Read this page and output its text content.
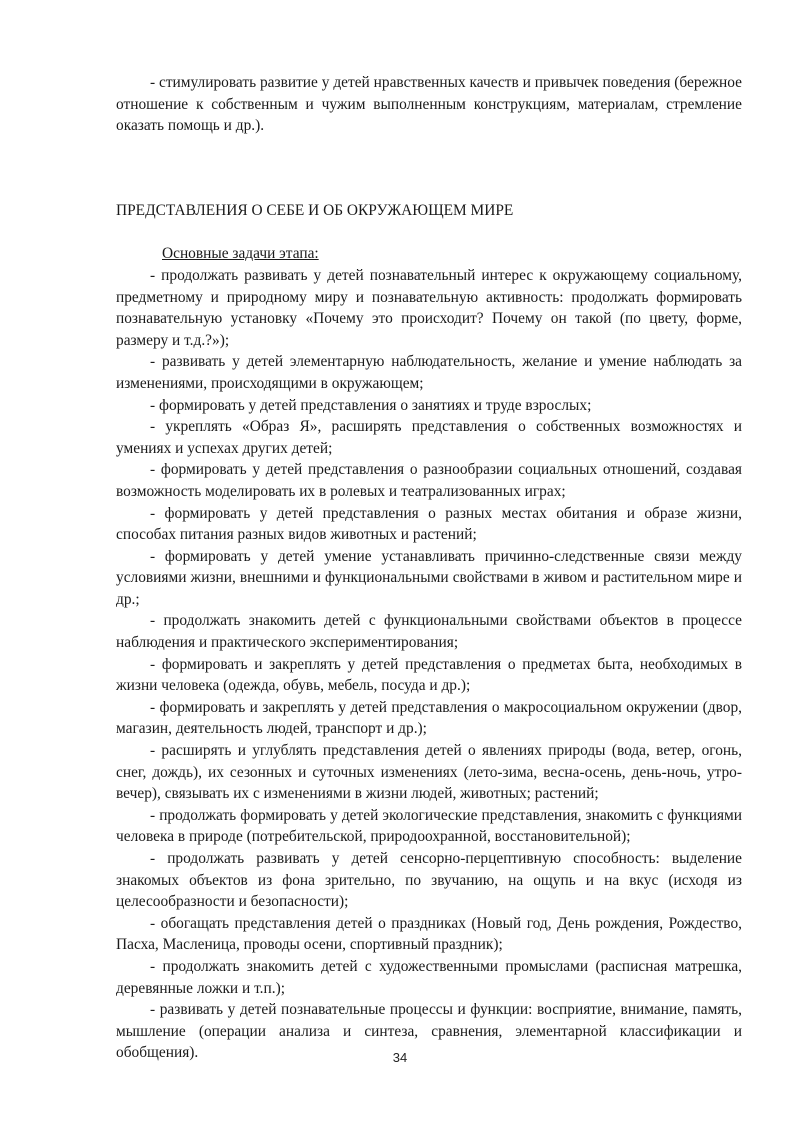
- стимулировать развитие у детей нравственных качеств и привычек поведения (бережное отношение к собственным и чужим выполненным конструкциям, материалам, стремление оказать помощь и др.).

ПРЕДСТАВЛЕНИЯ О СЕБЕ И ОБ ОКРУЖАЮЩЕМ МИРЕ

Основные задачи этапа:

- продолжать развивать у детей познавательный интерес к окружающему социальному, предметному и природному миру и познавательную активность: продолжать формировать познавательную установку «Почему это происходит? Почему он такой (по цвету, форме, размеру и т.д.?»);

- развивать у детей элементарную наблюдательность, желание и умение наблюдать за изменениями, происходящими в окружающем;

- формировать у детей представления о занятиях и труде взрослых;

- укреплять «Образ Я», расширять представления о собственных возможностях и умениях и успехах других детей;

- формировать у детей представления о разнообразии социальных отношений, создавая возможность моделировать их в ролевых и театрализованных играх;

- формировать у детей представления о разных местах обитания и образе жизни, способах питания разных видов животных и растений;

- формировать у детей умение устанавливать причинно-следственные связи между условиями жизни, внешними и функциональными свойствами в живом и растительном мире и др.;

- продолжать знакомить детей с функциональными свойствами объектов в процессе наблюдения и практического экспериментирования;

- формировать и закреплять у детей представления о предметах быта, необходимых в жизни человека (одежда, обувь, мебель, посуда и др.);

- формировать и закреплять у детей представления о макросоциальном окружении (двор, магазин, деятельность людей, транспорт и др.);

- расширять и углублять представления детей о явлениях природы (вода, ветер, огонь, снег, дождь), их сезонных и суточных изменениях (лето-зима, весна-осень, день-ночь, утро-вечер), связывать их с изменениями в жизни людей, животных; растений;

- продолжать формировать у детей экологические представления, знакомить с функциями человека в природе (потребительской, природоохранной, восстановительной);

- продолжать развивать у детей сенсорно-перцептивную способность: выделение знакомых объектов из фона зрительно, по звучанию, на ощупь и на вкус (исходя из целесообразности и безопасности);

- обогащать представления детей о праздниках (Новый год, День рождения, Рождество, Пасха, Масленица, проводы осени, спортивный праздник);

- продолжать знакомить детей с художественными промыслами (расписная матрешка, деревянные ложки и т.п.);

- развивать у детей познавательные процессы и функции: восприятие, внимание, память, мышление (операции анализа и синтеза, сравнения, элементарной классификации и обобщения).	34
